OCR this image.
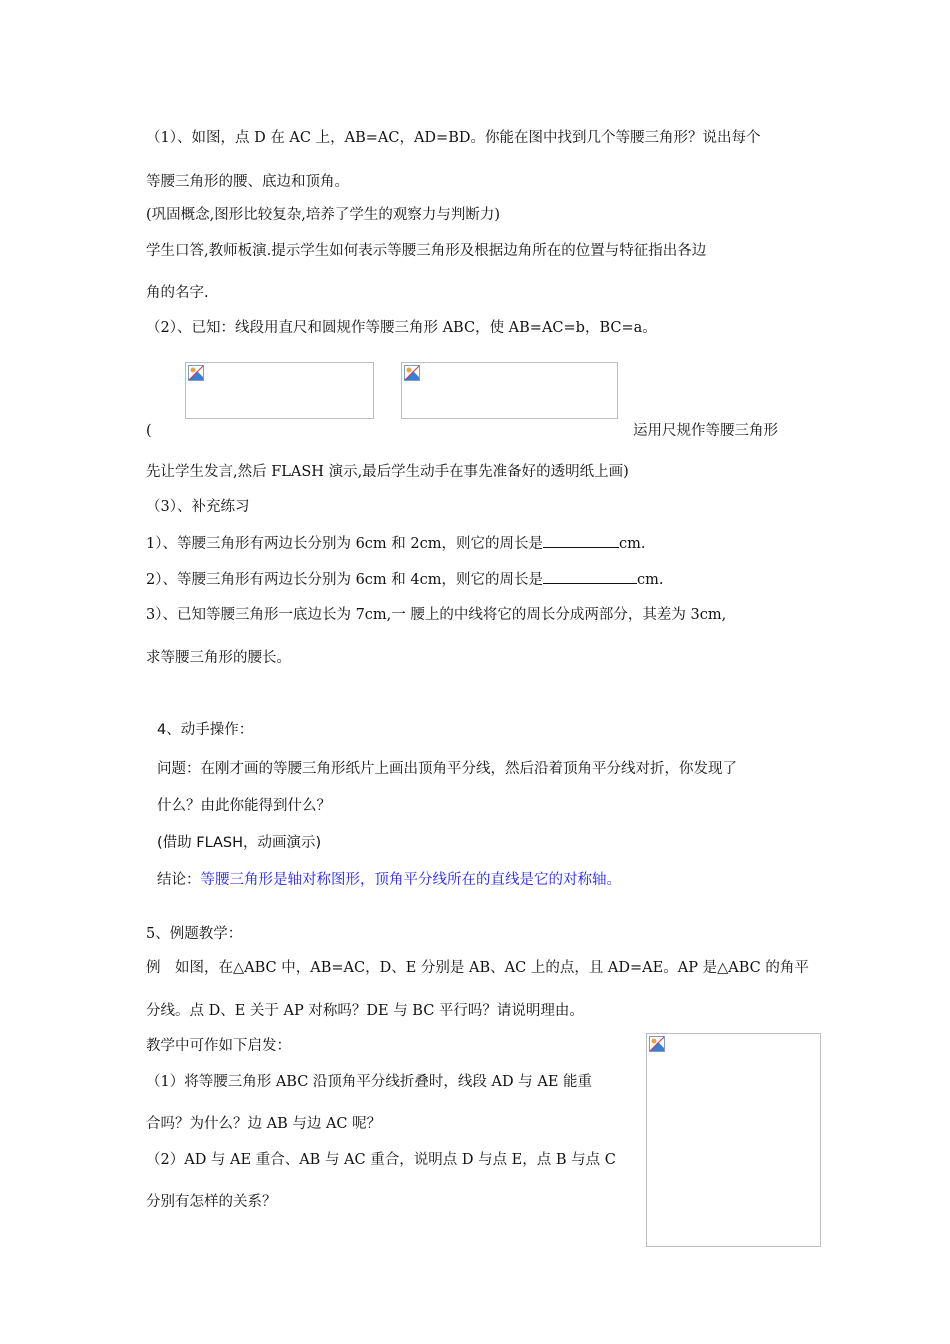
（1）、如图，点 D 在 AC 上，AB=AC，AD=BD。你能在图中找到几个等腰三角形？说出每个
等腰三角形的腰、底边和顶角。
(巩固概念,图形比较复杂,培养了学生的观察力与判断力)
学生口答,教师板演.提示学生如何表示等腰三角形及根据边角所在的位置与特征指出各边
角的名字.
（2）、已知：线段用直尺和圆规作等腰三角形 ABC，使 AB=AC=b，BC=a。
(	运用尺规作等腰三角形
先让学生发言,然后 FLASH 演示,最后学生动手在事先准备好的透明纸上画)
（3）、补充练习
1）、等腰三角形有两边长分别为 6cm 和 2cm，则它的周长是	cm.
2）、等腰三角形有两边长分别为 6cm 和 4cm，则它的周长是	cm.
3）、已知等腰三角形一底边长为 7cm,一 腰上的中线将它的周长分成两部分，其差为 3cm,
求等腰三角形的腰长。
4、动手操作：
问题：在刚才画的等腰三角形纸片上画出顶角平分线，然后沿着顶角平分线对折，你发现了
什么？由此你能得到什么？
(借助 FLASH，动画演示)
结论：等腰三角形是轴对称图形，顶角平分线所在的直线是它的对称轴。
5、例题教学：
例　如图，在△ABC 中，AB=AC，D、E 分别是 AB、AC 上的点，且 AD=AE。AP 是△ABC 的角平
分线。点 D、E 关于 AP 对称吗？DE 与 BC 平行吗？请说明理由。
教学中可作如下启发：
（1）将等腰三角形 ABC 沿顶角平分线折叠时，线段 AD 与 AE 能重
合吗？为什么？边 AB 与边 AC 呢？
（2）AD 与 AE 重合、AB 与 AC 重合，说明点 D 与点 E，点 B 与点 C
分别有怎样的关系？
